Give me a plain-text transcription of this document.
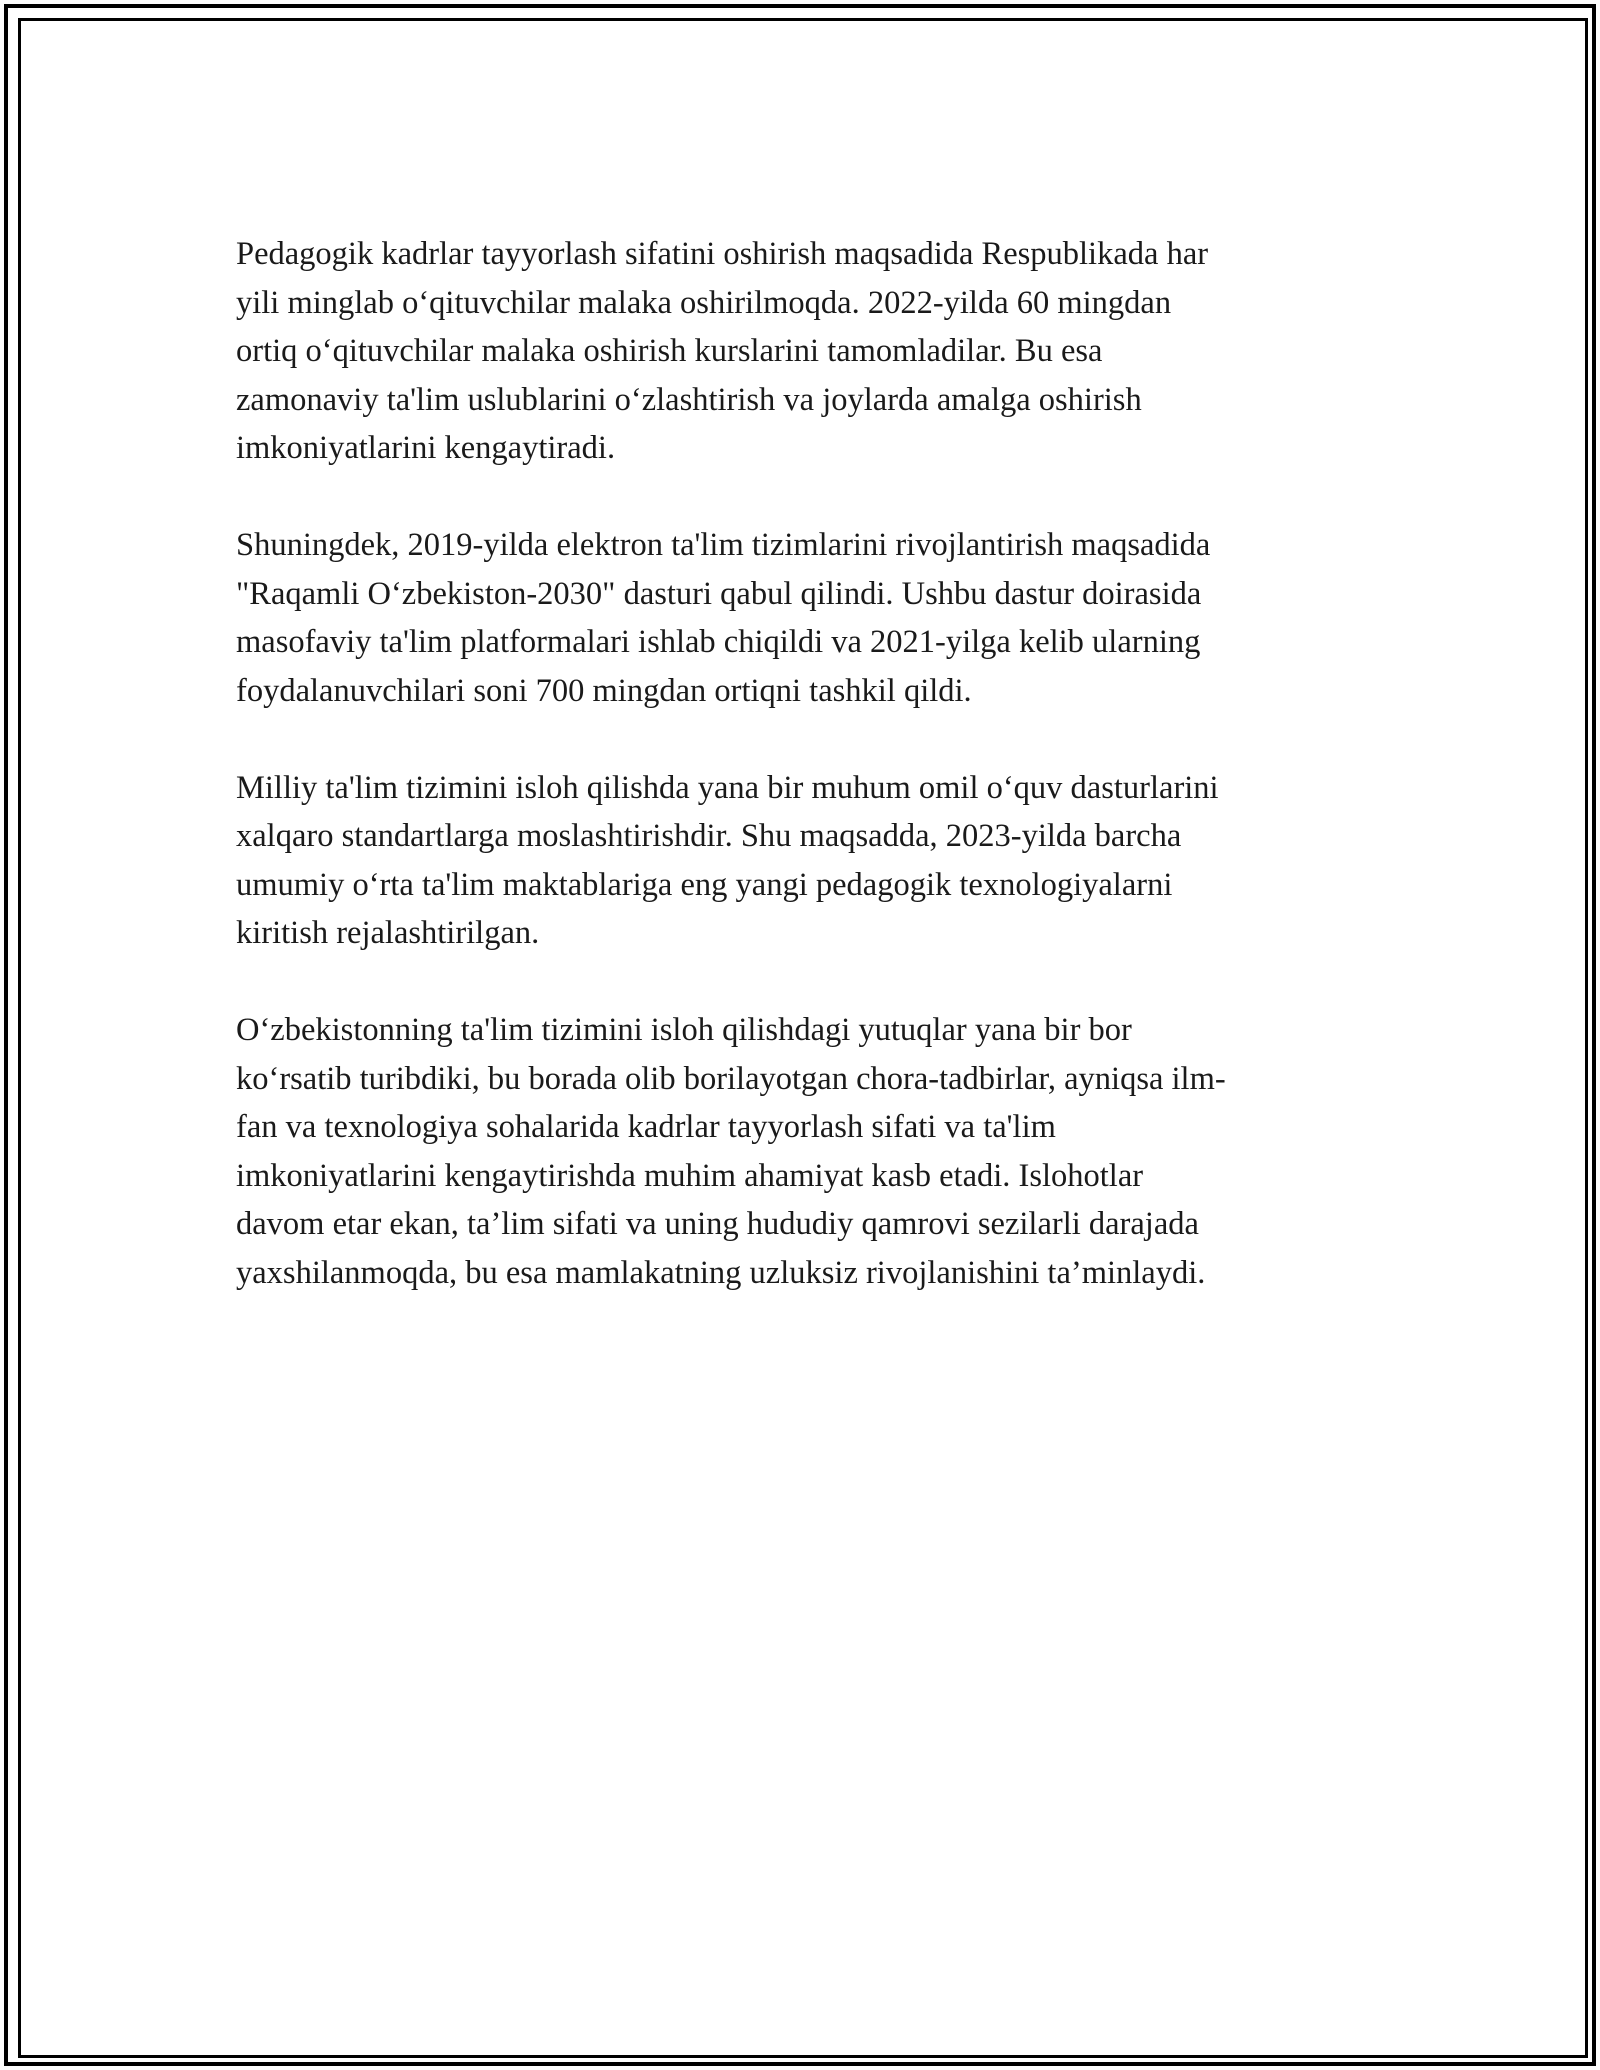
Pedagogik kadrlar tayyorlash sifatini oshirish maqsadida Respublikada har
yili minglab o‘qituvchilar malaka oshirilmoqda. 2022-yilda 60 mingdan
ortiq o‘qituvchilar malaka oshirish kurslarini tamomladilar. Bu esa
zamonaviy ta'lim uslublarini o‘zlashtirish va joylarda amalga oshirish
imkoniyatlarini kengaytiradi.

Shuningdek, 2019-yilda elektron ta'lim tizimlarini rivojlantirish maqsadida
"Raqamli O‘zbekiston-2030" dasturi qabul qilindi. Ushbu dastur doirasida
masofaviy ta'lim platformalari ishlab chiqildi va 2021-yilga kelib ularning
foydalanuvchilari soni 700 mingdan ortiqni tashkil qildi.

Milliy ta'lim tizimini isloh qilishda yana bir muhum omil o‘quv dasturlarini
xalqaro standartlarga moslashtirishdir. Shu maqsadda, 2023-yilda barcha
umumiy o‘rta ta'lim maktablariga eng yangi pedagogik texnologiyalarni
kiritish rejalashtirilgan.

O‘zbekistonning ta'lim tizimini isloh qilishdagi yutuqlar yana bir bor
ko‘rsatib turibdiki, bu borada olib borilayotgan chora-tadbirlar, ayniqsa ilm-
fan va texnologiya sohalarida kadrlar tayyorlash sifati va ta'lim
imkoniyatlarini kengaytirishda muhim ahamiyat kasb etadi. Islohotlar
davom etar ekan, ta’lim sifati va uning hududiy qamrovi sezilarli darajada
yaxshilanmoqda, bu esa mamlakatning uzluksiz rivojlanishini ta’minlaydi.
